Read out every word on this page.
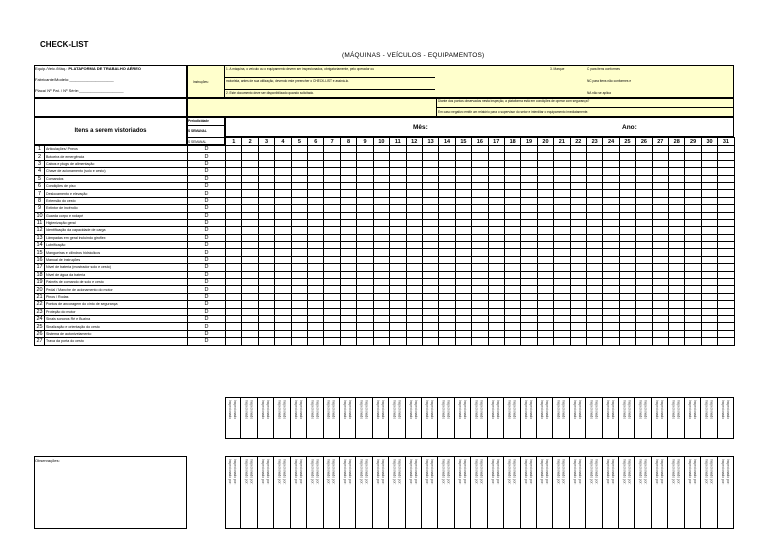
CHECK-LIST
(MÁQUINAS - VEÍCULOS - EQUIPAMENTOS)
Equip./Veic./Máq.: PLATAFORMA DE TRABALHO AÉREO
Fabricante/Modelo:____________________
Placa/ Nº Pat. / Nº Série:____________________
Instruções:
1. A máquina, o veículo ou o equipamento devem ser inspecionados, obrigatoriamente, pelo operador ou
motorista, antes de sua utilização, devendo este preencher o CHECK-LIST e assiná-lo.
2. Este documento deve ser disponibilizado quando solicitado.
3. Marque	C para itens conformes
NC para itens não conformes e
NA não se aplica
Diante dos pontos observados nesta inspeção, a plataforma está em condições de operar com segurança?
Em caso negativo emitir um relatório para o supervisor do setor e interditar o equipamento imediatamente.
Itens a serem vistoriados
Periodicidade
S SEMANAL
S SEMANAL
Mês:	Ano:
			1	2	3	4	5	6	7	8	9	10	11	12	13	14	15	16	17	18	19	20	21	22	23	24	25	26	27	28	29	30	31
1	Articulações/ Pneus	D																															
2	Botoeira de emergência	D																															
3	Cabos e plugs de alimentação	D																															
4	Chave de acionamento (solo e cesto)	D																															
5	Comandos	D																															
6	Condições de piso	D																															
7	Deslocamento e elevação	D																															
8	Extensão do cesto	D																															
9	Extintor de incêndio	D																															
10	Guarda corpo e rodapé	D																															
11	Higienização geral	D																															
12	Identificação da capacidade de carga	D																															
13	Lâmpadas em geral incluindo giroflex	D																															
14	Lubrificação	D																															
15	Mangueiras e cilindros hidráulicos	D																															
16	Manual de instruções	D																															
17	Nível de bateria (mostrador solo e cesto)	D																															
18	Nível de água da bateria	D																															
19	Painéis de comando de solo e cesto	D																															
20	Pedal / Manche de acionamento do motor	D																															
21	Pinos / Rodas	D																															
22	Pontos de ancoragem do cinto de segurança	D																															
23	Proteção do motor	D																															
24	Sinais sonoros Ré e Buzina	D																															
25	Sinalização e orientação do cesto	D																															
26	Sistema de autonivelamento	D																															
27	Trava da porta do cesto	D																															
Inspecionado Inspecionado Inspecionado Inspecionado Inspecionado Inspecionado Inspecionado Inspecionado Inspecionado Inspecionado Inspecionado Inspecionado Inspecionado Inspecionado Inspecionado Inspecionado Inspecionado Inspecionado Inspecionado Inspecionado Inspecionado Inspecionado Inspecionado Inspecionado Inspecionado Inspecionado Inspecionado Inspecionado Inspecionado Inspecionado Inspecionado Inspecionado Inspecionado Inspecionado Inspecionado Inspecionado Inspecionado Inspecionado Inspecionado Inspecionado Inspecionado Inspecionado Inspecionado Inspecionado Inspecionado Inspecionado Inspecionado Inspecionado Inspecionado Inspecionado Inspecionado Inspecionado Inspecionado Inspecionado Inspecionado Inspecionado Inspecionado Inspecionado Inspecionado Inspecionado Inspecionado Inspecionado
Observações:	Inspecionado por: Inspecionado por: Inspecionado por: Inspecionado por: Inspecionado por: Inspecionado por: Inspecionado por: Inspecionado por: Inspecionado por: Inspecionado por: Inspecionado por: Inspecionado por: Inspecionado por: Inspecionado por: Inspecionado por: Inspecionado por: Inspecionado por: Inspecionado por: Inspecionado por: Inspecionado por: Inspecionado por: Inspecionado por: Inspecionado por: Inspecionado por: Inspecionado por: Inspecionado por: Inspecionado por: Inspecionado por: Inspecionado por: Inspecionado por: Inspecionado por: Inspecionado por: Inspecionado por: Inspecionado por: Inspecionado por: Inspecionado por: Inspecionado por: Inspecionado por: Inspecionado por: Inspecionado por: Inspecionado por: Inspecionado por: Inspecionado por: Inspecionado por: Inspecionado por: Inspecionado por: Inspecionado por: Inspecionado por: Inspecionado por: Inspecionado por: Inspecionado por: Inspecionado por: Inspecionado por: Inspecionado por: Inspecionado por: Inspecionado por: Inspecionado por: Inspecionado por: Inspecionado por: Inspecionado por: Inspecionado por: Inspecionado por:
